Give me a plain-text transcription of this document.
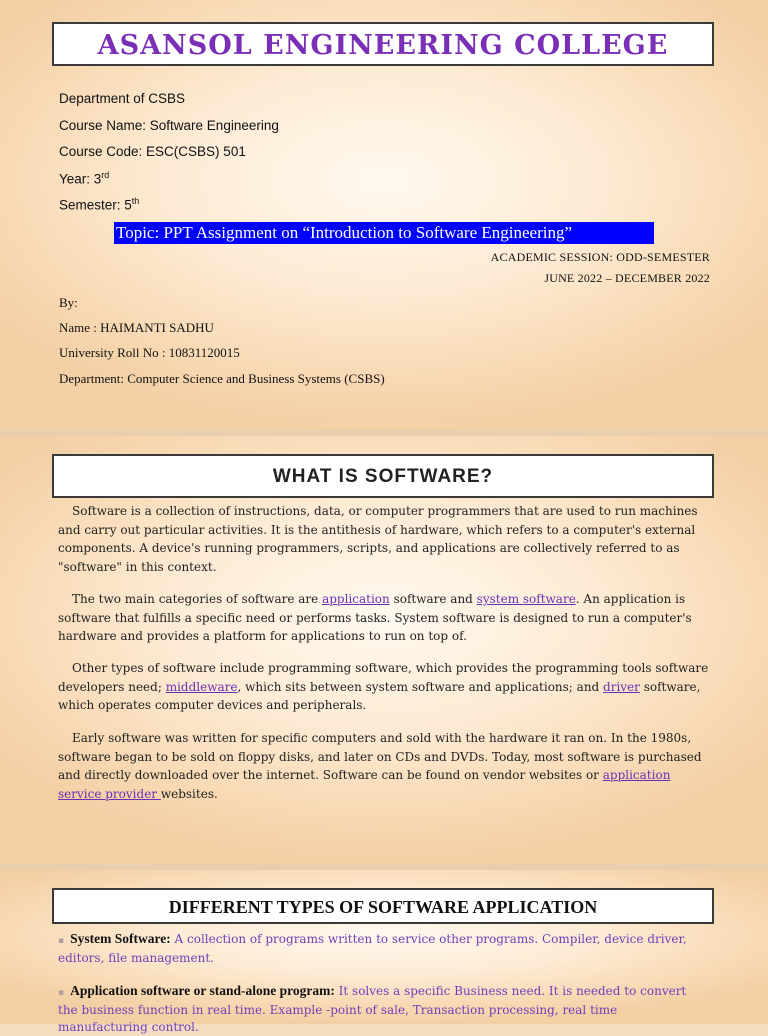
ASANSOL ENGINEERING COLLEGE
Department of CSBS
Course Name: Software Engineering
Course Code: ESC(CSBS) 501
Year: 3rd
Semester: 5th
Topic: PPT Assignment on “Introduction to Software Engineering”
ACADEMIC SESSION: ODD-SEMESTER
JUNE 2022 – DECEMBER 2022
By:
Name : HAIMANTI SADHU
University Roll No : 10831120015
Department: Computer Science and Business Systems (CSBS)
WHAT IS SOFTWARE?
Software is a collection of instructions, data, or computer programmers that are used to run machines and carry out particular activities. It is the antithesis of hardware, which refers to a computer's external components. A device's running programmers, scripts, and applications are collectively referred to as "software" in this context.
The two main categories of software are application software and system software. An application is software that fulfills a specific need or performs tasks. System software is designed to run a computer's hardware and provides a platform for applications to run on top of.
Other types of software include programming software, which provides the programming tools software developers need; middleware, which sits between system software and applications; and driver software, which operates computer devices and peripherals.
Early software was written for specific computers and sold with the hardware it ran on. In the 1980s, software began to be sold on floppy disks, and later on CDs and DVDs. Today, most software is purchased and directly downloaded over the internet. Software can be found on vendor websites or application service provider websites.
DIFFERENT TYPES OF SOFTWARE APPLICATION
▪ System Software: A collection of programs written to service other programs. Compiler, device driver, editors, file management.
▪ Application software or stand-alone program: It solves a specific Business need. It is needed to convert the business function in real time. Example -point of sale, Transaction processing, real time manufacturing control.
